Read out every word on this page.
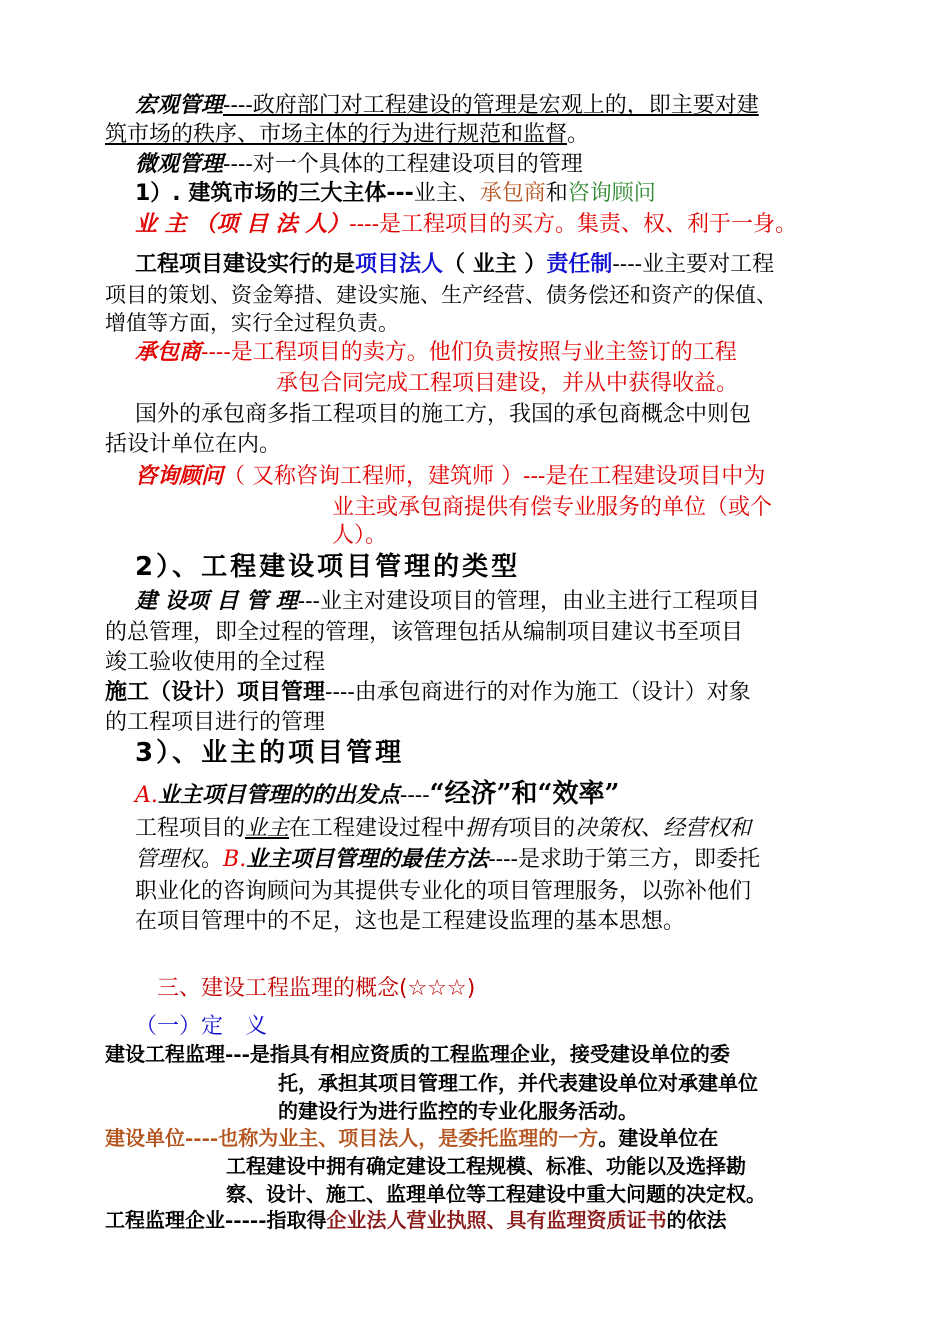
宏观管理----政府部门对工程建设的管理是宏观上的，即主要对建
筑市场的秩序、市场主体的行为进行规范和监督。
微观管理----对一个具体的工程建设项目的管理
1）. 建筑市场的三大主体---业主、承包商和咨询顾问
业 主 （项 目 法 人）----是工程项目的买方。集责、权、利于一身。
工程项目建设实行的是项目法人（ 业主 ）责任制----业主要对工程
项目的策划、资金筹措、建设实施、生产经营、债务偿还和资产的保值、
增值等方面，实行全过程负责。
承包商----是工程项目的卖方。他们负责按照与业主签订的工程
承包合同完成工程项目建设，并从中获得收益。
国外的承包商多指工程项目的施工方，我国的承包商概念中则包
括设计单位在内。
咨询顾问（ 又称咨询工程师，建筑师 ）---是在工程建设项目中为
业主或承包商提供有偿专业服务的单位（或个
人）。
2）、工程建设项目管理的类型
建 设项 目 管 理---业主对建设项目的管理，由业主进行工程项目
的总管理，即全过程的管理，该管理包括从编制项目建议书至项目
竣工验收使用的全过程
施工（设计）项目管理----由承包商进行的对作为施工（设计）对象
的工程项目进行的管理
3）、业主的项目管理
A.业主项目管理的的出发点----“经济”和“效率”
工程项目的业主在工程建设过程中拥有项目的决策权、经营权和
管理权。B.业主项目管理的最佳方法----是求助于第三方，即委托
职业化的咨询顾问为其提供专业化的项目管理服务，以弥补他们
在项目管理中的不足，这也是工程建设监理的基本思想。
三、建设工程监理的概念(☆☆☆)
（一）定　义
建设工程监理---是指具有相应资质的工程监理企业，接受建设单位的委
托，承担其项目管理工作，并代表建设单位对承建单位
的建设行为进行监控的专业化服务活动。
建设单位----也称为业主、项目法人，是委托监理的一方。建设单位在
工程建设中拥有确定建设工程规模、标准、功能以及选择勘
察、设计、施工、监理单位等工程建设中重大问题的决定权。
工程监理企业-----指取得企业法人营业执照、具有监理资质证书的依法
